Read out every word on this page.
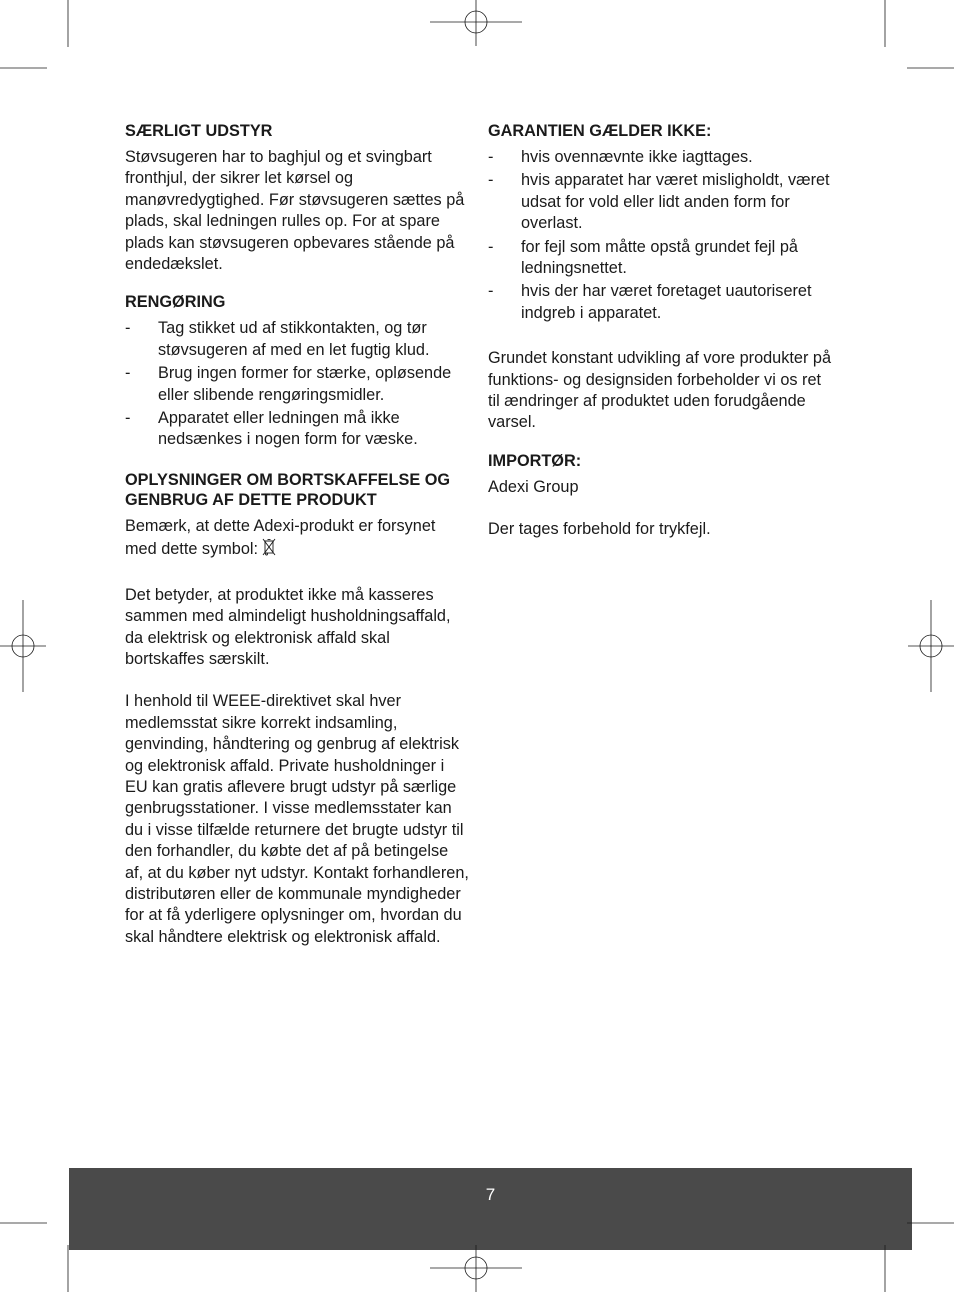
SÆRLIGT UDSTYR

Støvsugeren har to baghjul og et svingbart fronthjul, der sikrer let kørsel og manøvredygtighed. Før støvsugeren sættes på plads, skal ledningen rulles op. For at spare plads kan støvsugeren opbevares stående på endedækslet.

RENGØRING
- Tag stikket ud af stikkontakten, og tør støvsugeren af med en let fugtig klud.
- Brug ingen former for stærke, opløsende eller slibende rengøringsmidler.
- Apparatet eller ledningen må ikke nedsænkes i nogen form for væske.
OPLYSNINGER OM BORTSKAFFELSE OG GENBRUG AF DETTE PRODUKT

Bemærk, at dette Adexi-produkt er forsynet med dette symbol:

Det betyder, at produktet ikke må kasseres sammen med almindeligt husholdningsaffald, da elektrisk og elektronisk affald skal bortskaffes særskilt.

I henhold til WEEE-direktivet skal hver medlemsstat sikre korrekt indsamling, genvinding, håndtering og genbrug af elektrisk og elektronisk affald. Private husholdninger i EU kan gratis aflevere brugt udstyr på særlige genbrugsstationer. I visse medlemsstater kan du i visse tilfælde returnere det brugte udstyr til den forhandler, du købte det af på betingelse af, at du køber nyt udstyr. Kontakt forhandleren, distributøren eller de kommunale myndigheder for at få yderligere oplysninger om, hvordan du skal håndtere elektrisk og elektronisk affald.

GARANTIEN GÆLDER IKKE:
- hvis ovennævnte ikke iagttages.
- hvis apparatet har været misligholdt, været udsat for vold eller lidt anden form for overlast.
- for fejl som måtte opstå grundet fejl på ledningsnettet.
- hvis der har været foretaget uautoriseret indgreb i apparatet.

Grundet konstant udvikling af vore produkter på funktions- og designsiden forbeholder vi os ret til ændringer af produktet uden forudgående varsel.

IMPORTØR:

Adexi Group

Der tages forbehold for trykfejl.

7
